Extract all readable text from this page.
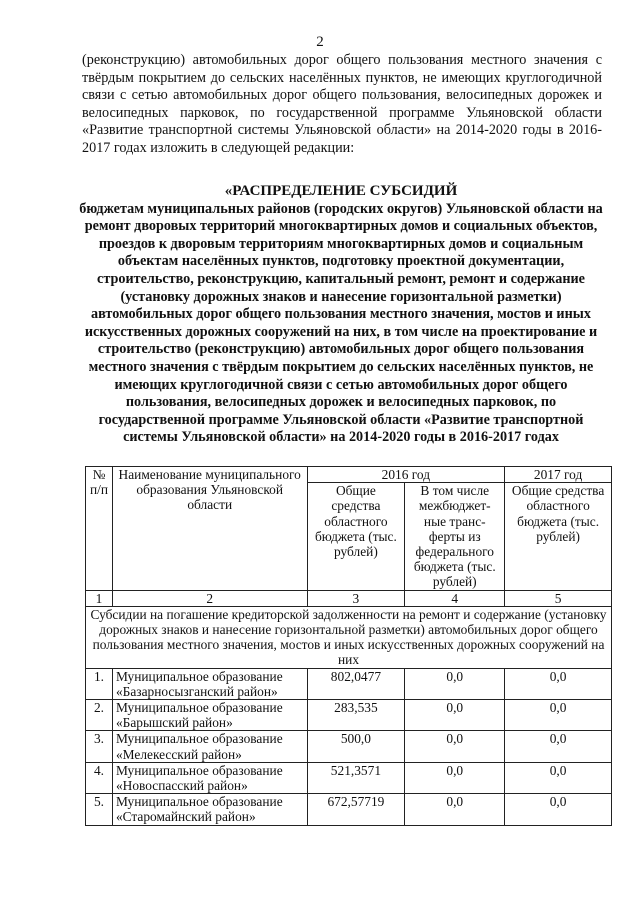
2
(реконструкцию) автомобильных дорог общего пользования местного значения с твёрдым покрытием до сельских населённых пунктов, не имеющих круглогодичной связи с сетью автомобильных дорог общего пользования, велосипедных дорожек и велосипедных парковок, по государственной программе Ульяновской области «Развитие транспортной системы Ульяновской области» на 2014-2020 годы в 2016-2017 годах изложить в следующей редакции:
«РАСПРЕДЕЛЕНИЕ СУБСИДИЙ
бюджетам муниципальных районов (городских округов) Ульяновской области на ремонт дворовых территорий многоквартирных домов и социальных объектов, проездов к дворовым территориям многоквартирных домов и социальным объектам населённых пунктов, подготовку проектной документации, строительство, реконструкцию, капитальный ремонт, ремонт и содержание (установку дорожных знаков и нанесение горизонтальной разметки) автомобильных дорог общего пользования местного значения, мостов и иных искусственных дорожных сооружений на них, в том числе на проектирование и строительство (реконструкцию) автомобильных дорог общего пользования местного значения с твёрдым покрытием до сельских населённых пунктов, не имеющих круглогодичной связи с сетью автомобильных дорог общего пользования, велосипедных дорожек и велосипедных парковок, по государственной программе Ульяновской области «Развитие транспортной системы Ульяновской области» на 2014-2020 годы в 2016-2017 годах
№ п/п	Наименование муниципального образования Ульяновской области	2016 год		2017 год
		Общие средства областного бюджета (тыс. рублей)	В том числе межбюджет-ные транс-ферты из федерального бюджета (тыс. рублей)	Общие средства областного бюджета (тыс. рублей)
1	2	3	4	5
Субсидии на погашение кредиторской задолженности на ремонт и содержание (установку дорожных знаков и нанесение горизонтальной разметки) автомобильных дорог общего пользования местного значения, мостов и иных искусственных дорожных сооружений на них				
1.	Муниципальное образование «Базарносызганский район»	802,0477	0,0	0,0
2.	Муниципальное образование «Барышский район»	283,535	0,0	0,0
3.	Муниципальное образование «Мелекесский район»	500,0	0,0	0,0
4.	Муниципальное образование «Новоспасский район»	521,3571	0,0	0,0
5.	Муниципальное образование «Старомайнский район»	672,57719	0,0	0,0
